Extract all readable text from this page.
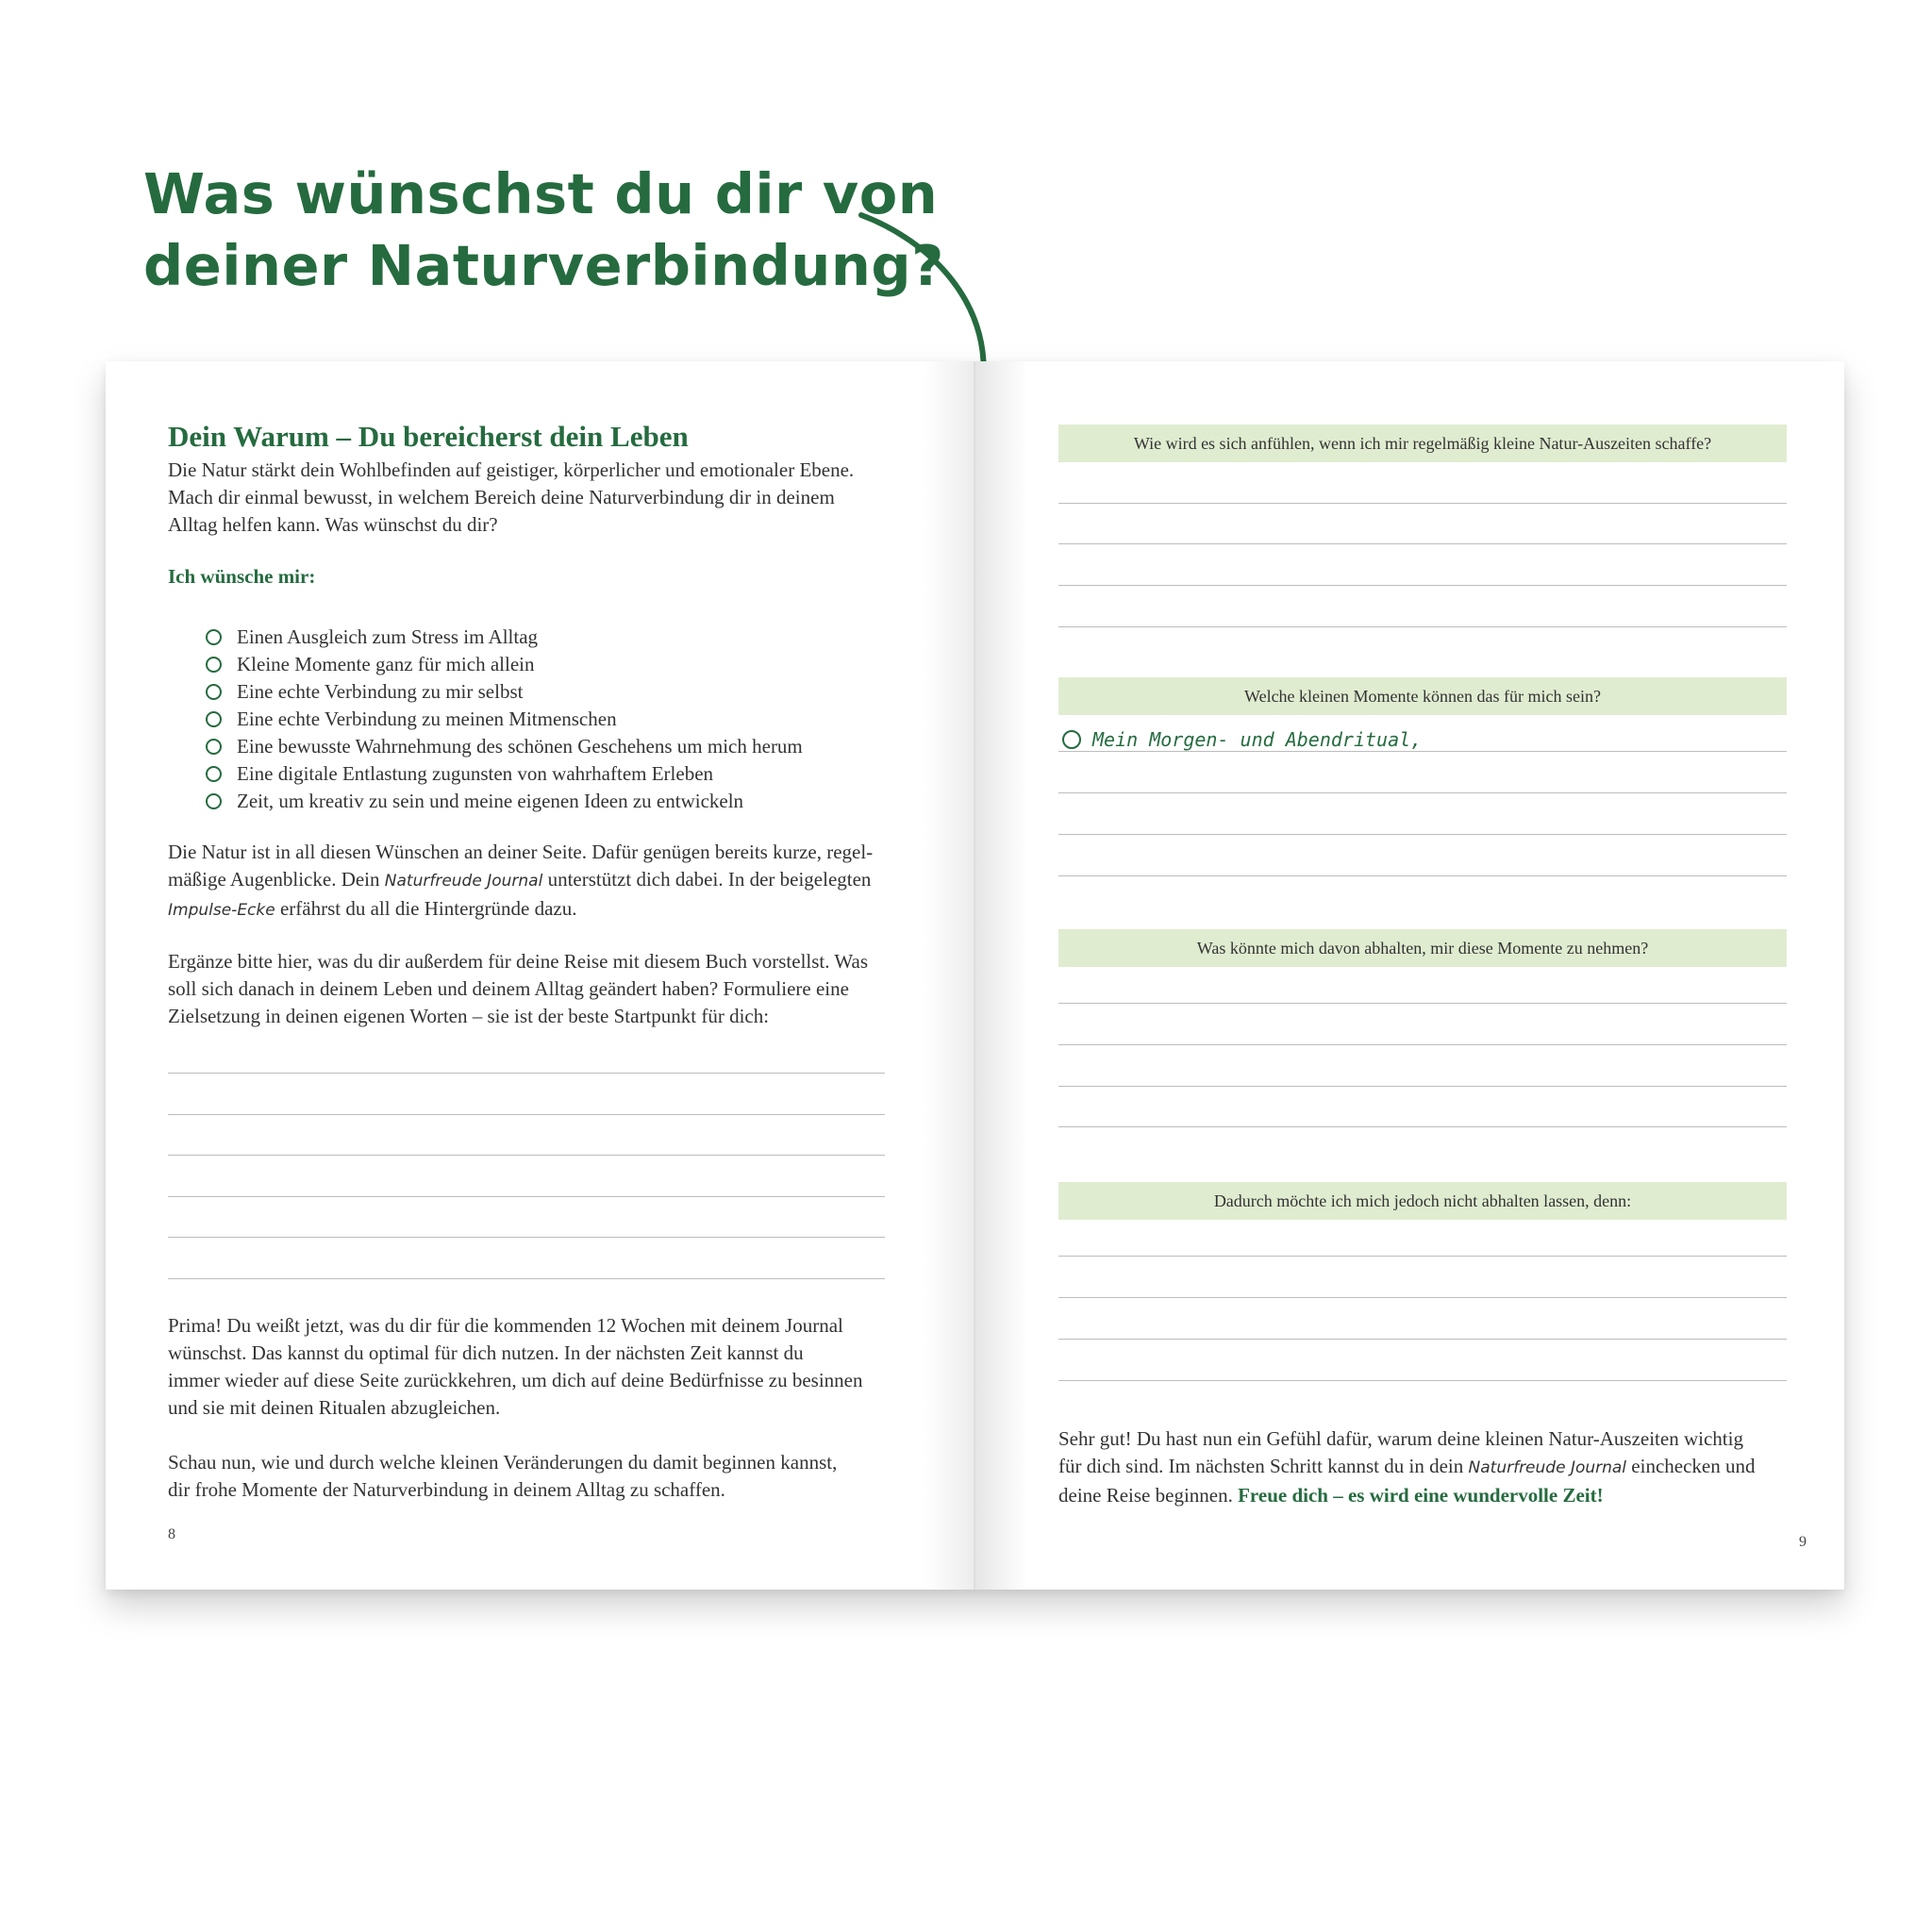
Was wünschst du dir von
deiner Naturverbindung?
Dein Warum – Du bereicherst dein Leben

Die Natur stärkt dein Wohlbefinden auf geistiger, körperlicher und emotionaler Ebene.
Mach dir einmal bewusst, in welchem Bereich deine Naturverbindung dir in deinem
Alltag helfen kann. Was wünschst du dir?

Ich wünsche mir:

Einen Ausgleich zum Stress im Alltag
Kleine Momente ganz für mich allein
Eine echte Verbindung zu mir selbst
Eine echte Verbindung zu meinen Mitmenschen
Eine bewusste Wahrnehmung des schönen Geschehens um mich herum
Eine digitale Entlastung zugunsten von wahrhaftem Erleben
Zeit, um kreativ zu sein und meine eigenen Ideen zu entwickeln

Die Natur ist in all diesen Wünschen an deiner Seite. Dafür genügen bereits kurze, regel-
mäßige Augenblicke. Dein Naturfreude Journal unterstützt dich dabei. In der beigelegten
Impulse-Ecke erfährst du all die Hintergründe dazu.

Ergänze bitte hier, was du dir außerdem für deine Reise mit diesem Buch vorstellst. Was
soll sich danach in deinem Leben und deinem Alltag geändert haben? Formuliere eine
Zielsetzung in deinen eigenen Worten – sie ist der beste Startpunkt für dich:

Prima! Du weißt jetzt, was du dir für die kommenden 12 Wochen mit deinem Journal
wünschst. Das kannst du optimal für dich nutzen. In der nächsten Zeit kannst du
immer wieder auf diese Seite zurückkehren, um dich auf deine Bedürfnisse zu besinnen
und sie mit deinen Ritualen abzugleichen.

Schau nun, wie und durch welche kleinen Veränderungen du damit beginnen kannst,
dir frohe Momente der Naturverbindung in deinem Alltag zu schaffen.

8

Wie wird es sich anfühlen, wenn ich mir regelmäßig kleine Natur-Auszeiten schaffe?
Welche kleinen Momente können das für mich sein?
Mein Morgen- und Abendritual,
Was könnte mich davon abhalten, mir diese Momente zu nehmen?
Dadurch möchte ich mich jedoch nicht abhalten lassen, denn:

Sehr gut! Du hast nun ein Gefühl dafür, warum deine kleinen Natur-Auszeiten wichtig
für dich sind. Im nächsten Schritt kannst du in dein Naturfreude Journal einchecken und
deine Reise beginnen. Freue dich – es wird eine wundervolle Zeit!

9
